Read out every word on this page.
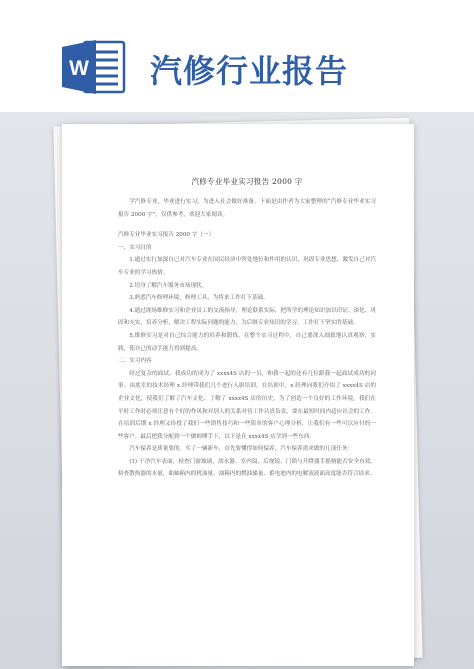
W 汽修行业报告
汽修专业毕业实习报告 2000 字

学汽修专业，毕业进行实习，为进入社会做好准备。下面是由作者为大家整理的“汽修专业毕业实习报告 2000 字”，仅供参考，欢迎大家阅读。

汽修专业毕业实习报告 2000 字（一）

一、实习目的

1.通过实行加深自己对汽车专业在国民经济中所处地位和作用的认识，巩固专业思想，激发自己对汽车专业的学习热情。

2.切身了解汽车服务市场现状。

3.熟悉汽车修理环境，修理工具，为将来工作打下基础。

4.通过现场维修实习和企业员工的交流指导，理论联系实际，把所学的理论知识加以印证、深化、巩固和充实，培养分析、解决工程实际问题的能力，为后继专业知识的学习、工作打下坚实的基础。

5.维修实习是对自己综合能力的培养和锻炼，在整个实习过程中，自己要深入细致地认真观察、实践，使自己的动手能力得到提高。

二、实习内容

经过复杂的面试，我成功的成为了 xxxx4S 店的一员，和我一起的还有几位跟我一起面试成功的同事。由底室的技术经理 x 经理带我们几个进行入职培训，在培训中，x 经理向我们介绍了 xxxx4S 店的企业文化，使我们了解了汽车文化、了解了 xxxx4S 店的历史，为了创造一个良好的工作环境，我们在平时工作时必须注意有个好的作风和对别人的关系对待工作认真负责，要在最短时间内适应社会的工作。在培训后期 x 经理又传授了我们一些销售技巧和一些简单的客户心理分析，让我们有一些可以应付的一些客户。最后把我分配到一个做师傅手下，以下是在 xxxx4S 店学到一些东西：

汽车保养是质量要的。买了一辆新车，首先要懂得如何保养，汽车保养需求做的几项任务：

(1) 干净汽车表面，检查门窗玻璃、刮水器、室内镜、后视镜、门锁与升降器手摇柄能否安全有效，检查散热器的水量，曲轴箱内的机油量、油箱内的燃油储量、蓄电池内的电解液液面高度能否符合请求。
